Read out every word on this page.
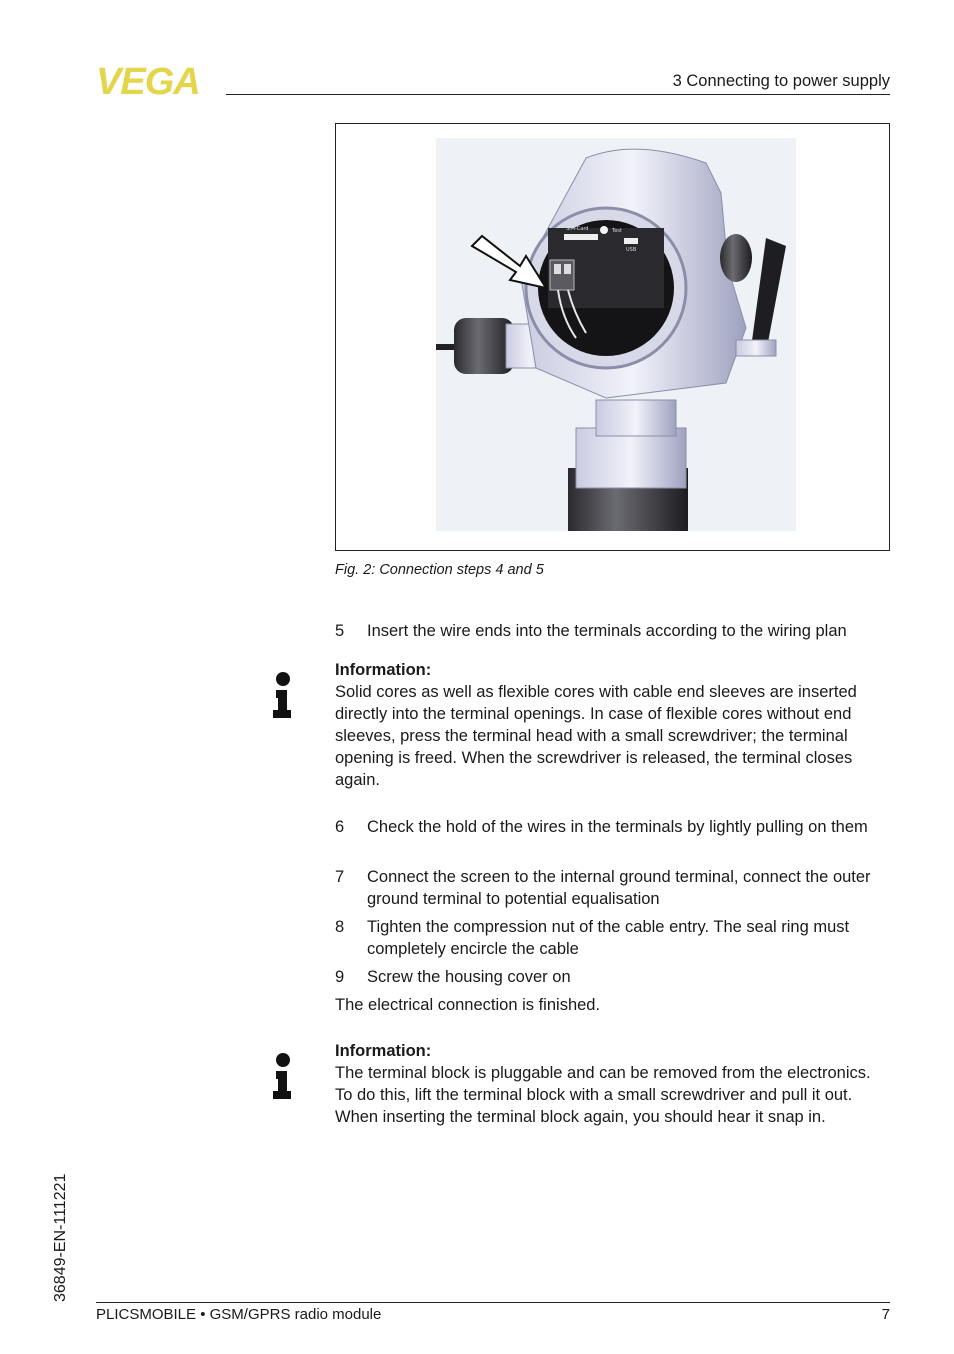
VEGA	3 Connecting to power supply
SIM-Card
Status
Test
USB
Fig. 2: Connection steps 4 and 5
5 Insert the wire ends into the terminals according to the wiring plan
Information:
Solid cores as well as flexible cores with cable end sleeves are inserted directly into the terminal openings. In case of flexible cores without end sleeves, press the terminal head with a small screwdriver; the terminal opening is freed. When the screwdriver is released, the terminal closes again.
6 Check the hold of the wires in the terminals by lightly pulling on them
7 Connect the screen to the internal ground terminal, connect the outer ground terminal to potential equalisation
8 Tighten the compression nut of the cable entry. The seal ring must completely encircle the cable
9 Screw the housing cover on
The electrical connection is finished.
Information:
The terminal block is pluggable and can be removed from the electronics. To do this, lift the terminal block with a small screwdriver and pull it out. When inserting the terminal block again, you should hear it snap in.
36849-EN-111221
PLICSMOBILE • GSM/GPRS radio module	7
